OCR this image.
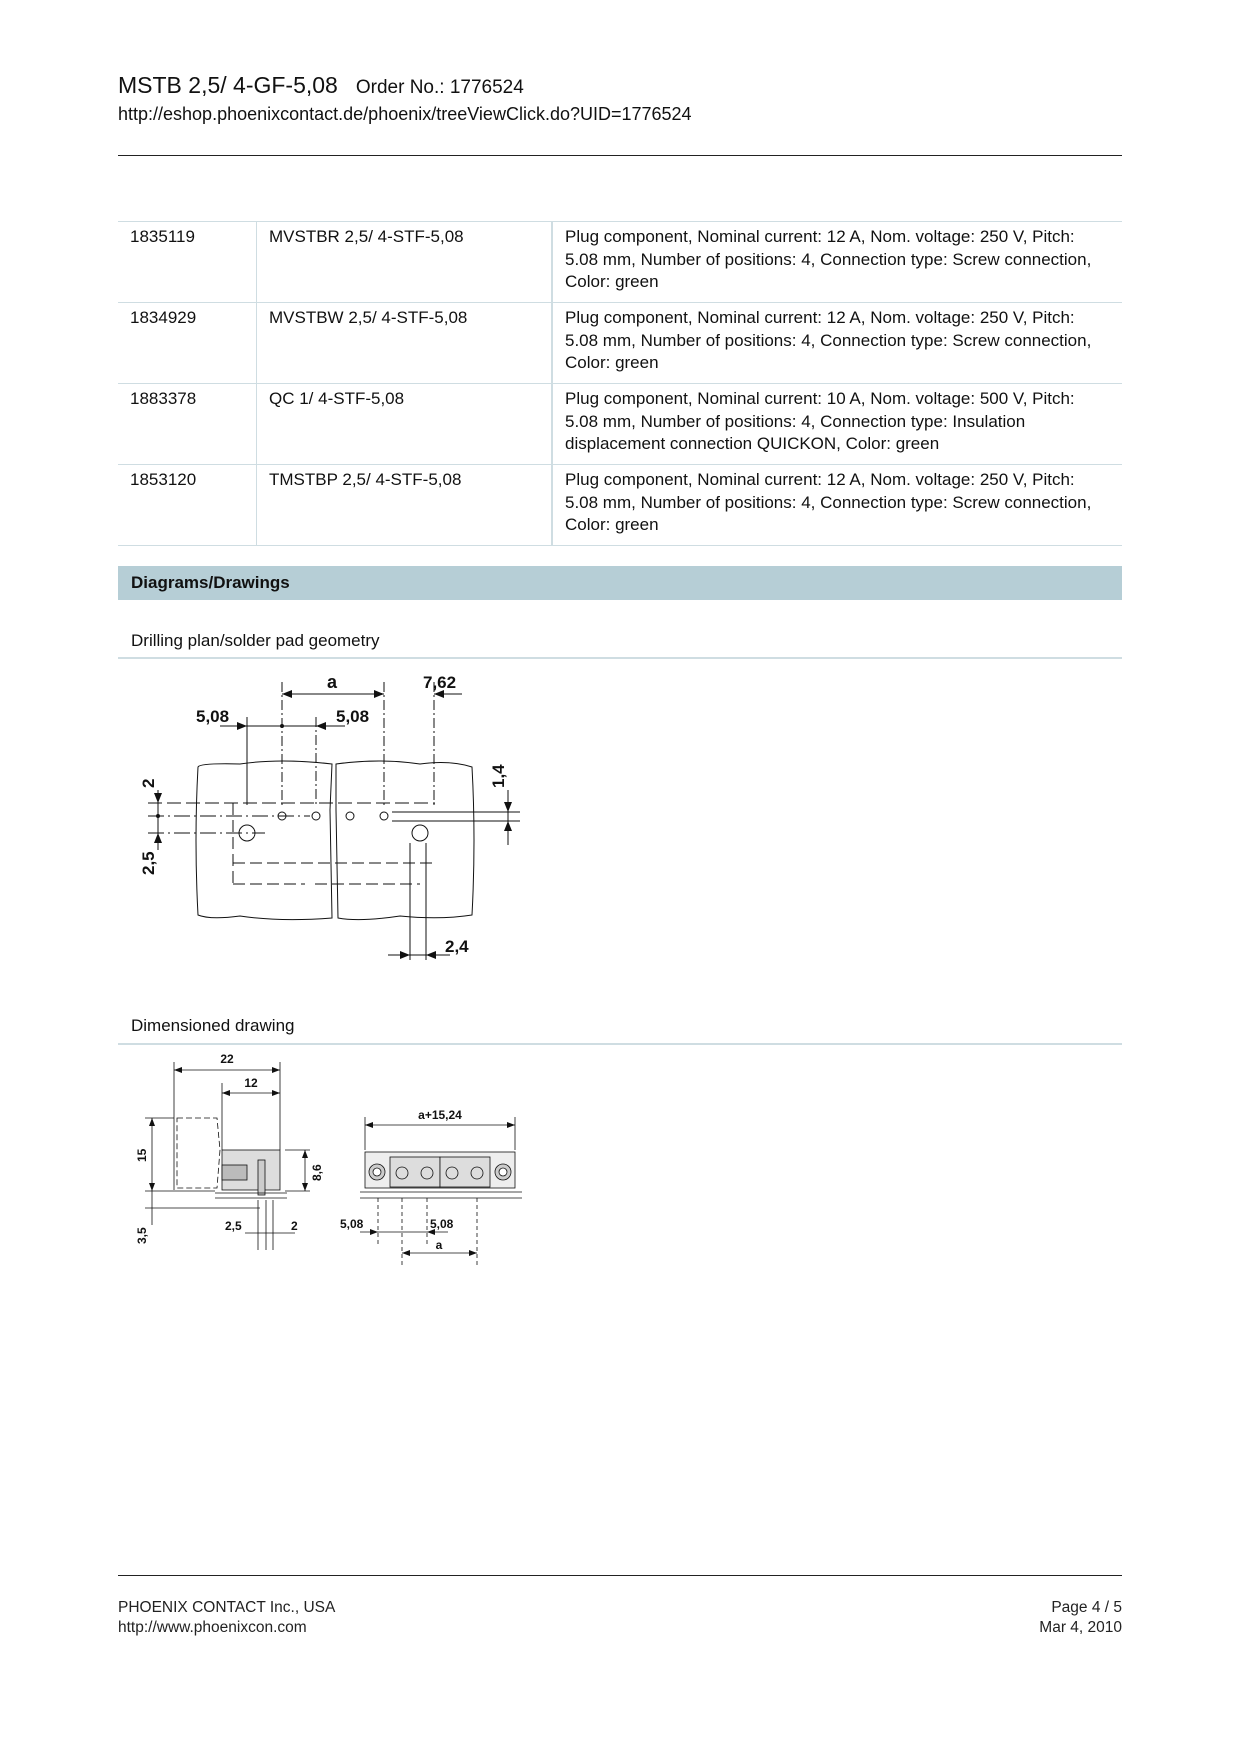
MSTB 2,5/ 4-GF-5,08 Order No.: 1776524
http://eshop.phoenixcontact.de/phoenix/treeViewClick.do?UID=1776524
1835119	MVSTBR 2,5/ 4-STF-5,08	Plug component, Nominal current: 12 A, Nom. voltage: 250 V, Pitch: 5.08 mm, Number of positions: 4, Connection type: Screw connection, Color: green
1834929	MVSTBW 2,5/ 4-STF-5,08	Plug component, Nominal current: 12 A, Nom. voltage: 250 V, Pitch: 5.08 mm, Number of positions: 4, Connection type: Screw connection, Color: green
1883378	QC 1/ 4-STF-5,08	Plug component, Nominal current: 10 A, Nom. voltage: 500 V, Pitch: 5.08 mm, Number of positions: 4, Connection type: Insulation displacement connection QUICKON, Color: green
1853120	TMSTBP 2,5/ 4-STF-5,08	Plug component, Nominal current: 12 A, Nom. voltage: 250 V, Pitch: 5.08 mm, Number of positions: 4, Connection type: Screw connection, Color: green
Diagrams/Drawings
Drilling plan/solder pad geometry
a	7,62
5,08	5,08
2
2,5
1,4
2,4
Dimensioned drawing
22
12
15
8,6
3,5
2,5	2
a+15,24
5,08	5,08
a
PHOENIX CONTACT Inc., USA
http://www.phoenixcon.com
Page 4 / 5
Mar 4, 2010
